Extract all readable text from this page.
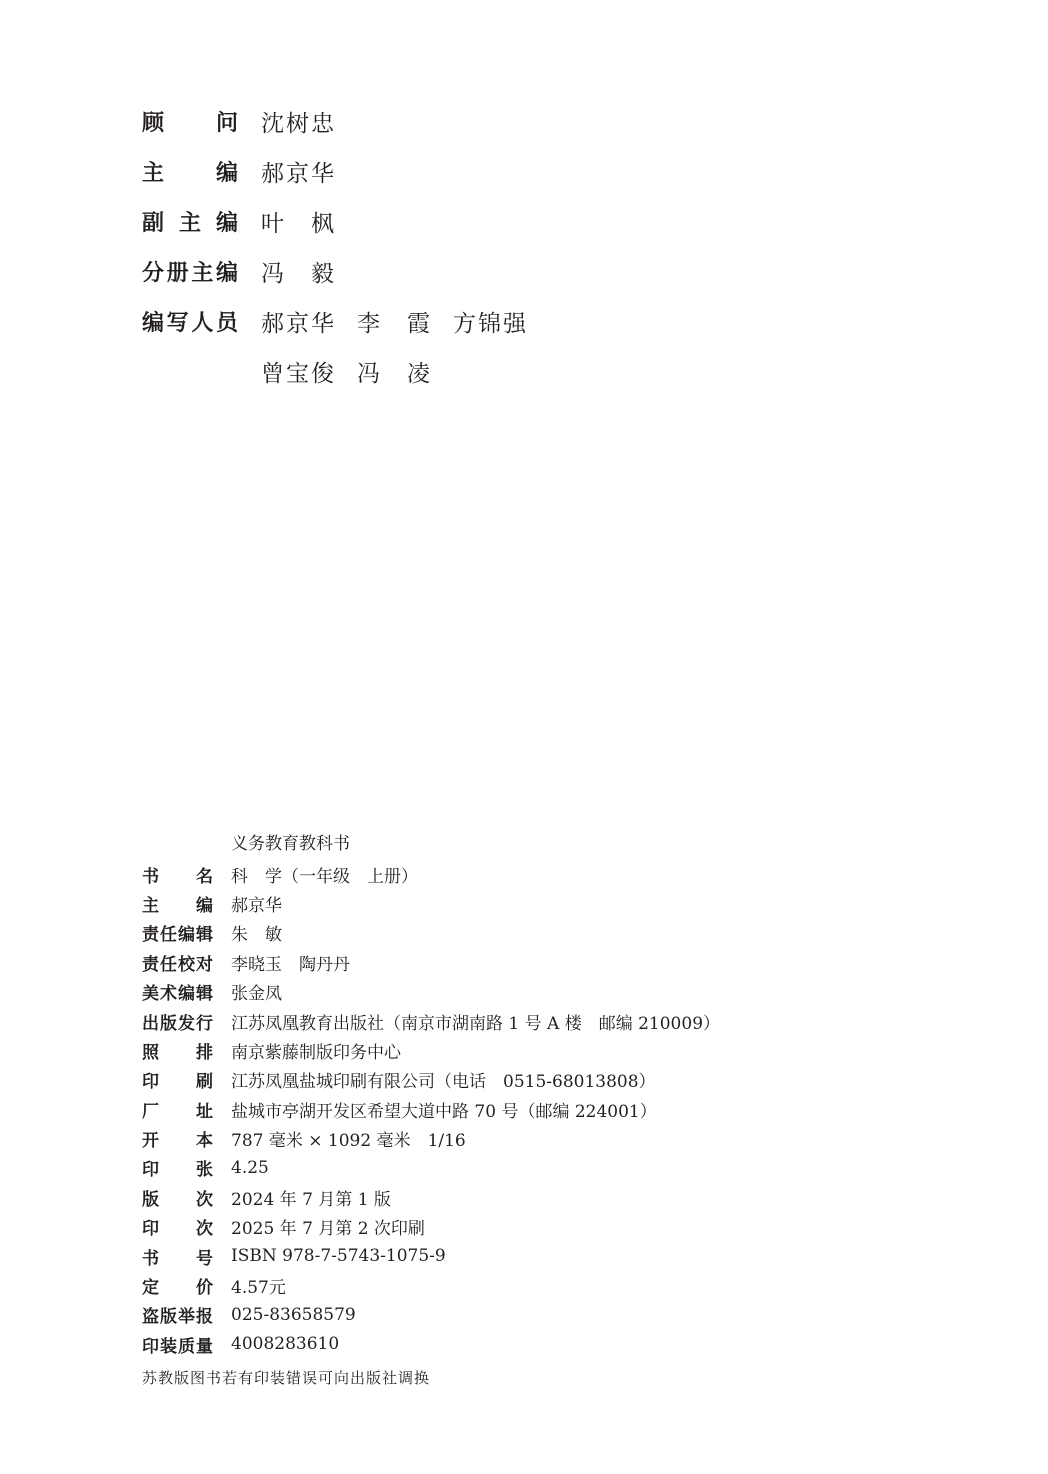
顾　问 沈树忠
主　编 郝京华
副主编 叶　枫
分册主编 冯　毅
编写人员 郝京华 李　霞 方锦强
曾宝俊 冯　凌
义务教育教科书
书名 科　学（一年级　上册）
主编 郝京华
责任编辑 朱　敏
责任校对 李晓玉　陶丹丹
美术编辑 张金凤
出版发行 江苏凤凰教育出版社（南京市湖南路 1 号 A 楼　邮编 210009）
照排 南京紫藤制版印务中心
印刷 江苏凤凰盐城印刷有限公司（电话　0515-68013808）
厂址 盐城市亭湖开发区希望大道中路 70 号（邮编 224001）
开本 787 毫米 × 1092 毫米　1/16
印张 4.25
版次 2024 年 7 月第 1 版
印次 2025 年 7 月第 2 次印刷
书号 ISBN 978-7-5743-1075-9
定价 4.57元
盗版举报 025-83658579
印装质量 4008283610
苏教版图书若有印装错误可向出版社调换
